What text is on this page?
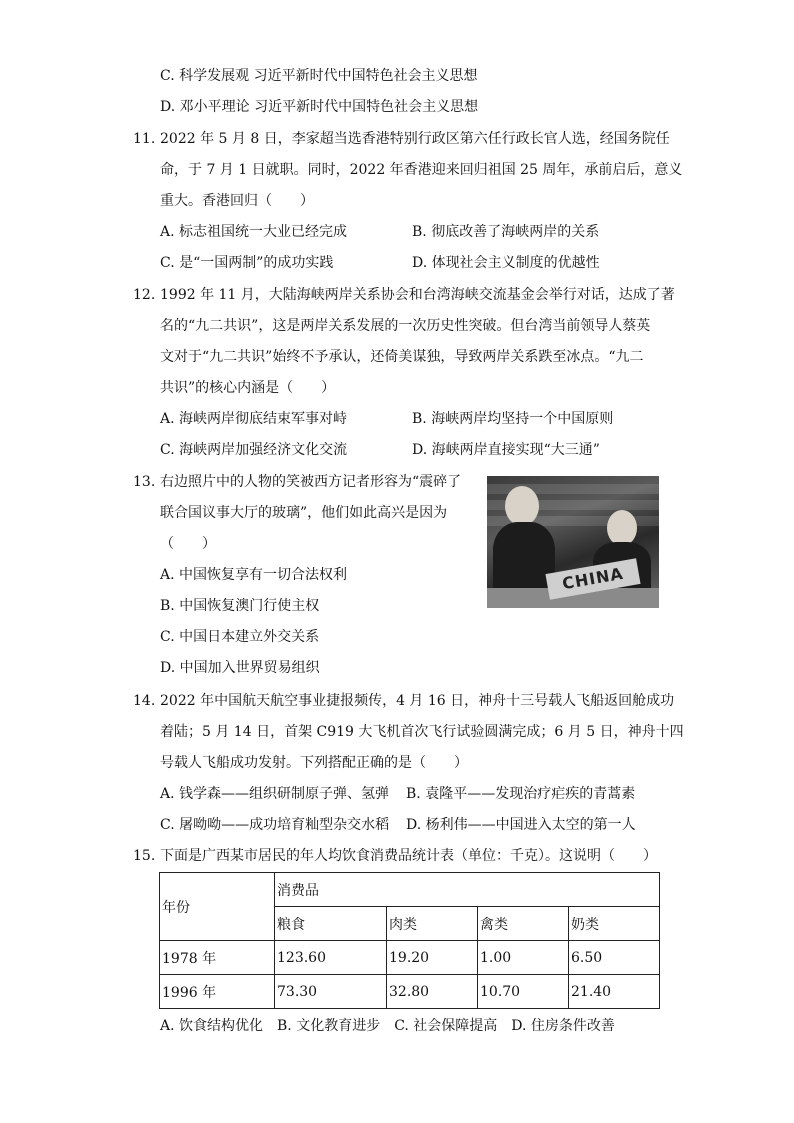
C. 科学发展观 习近平新时代中国特色社会主义思想
D. 邓小平理论 习近平新时代中国特色社会主义思想
11. 2022 年 5 月 8 日，李家超当选香港特别行政区第六任行政长官人选，经国务院任
命，于 7 月 1 日就职。同时，2022 年香港迎来回归祖国 25 周年，承前启后，意义
重大。香港回归（　　）
A. 标志祖国统一大业已经完成	B. 彻底改善了海峡两岸的关系
C. 是“一国两制”的成功实践	D. 体现社会主义制度的优越性
12. 1992 年 11 月，大陆海峡两岸关系协会和台湾海峡交流基金会举行对话，达成了著
名的“九二共识”，这是两岸关系发展的一次历史性突破。但台湾当前领导人蔡英
文对于“九二共识”始终不予承认，还倚美谋独，导致两岸关系跌至冰点。“九二
共识”的核心内涵是（　　）
A. 海峡两岸彻底结束军事对峙	B. 海峡两岸均坚持一个中国原则
C. 海峡两岸加强经济文化交流	D. 海峡两岸直接实现“大三通”
13. 右边照片中的人物的笑被西方记者形容为“震碎了
联合国议事大厅的玻璃”，他们如此高兴是因为
（　　）
A. 中国恢复享有一切合法权利
B. 中国恢复澳门行使主权
C. 中国日本建立外交关系
D. 中国加入世界贸易组织
CHINA
14. 2022 年中国航天航空事业捷报频传，4 月 16 日，神舟十三号载人飞船返回舱成功
着陆；5 月 14 日，首架 C919 大飞机首次飞行试验圆满完成；6 月 5 日，神舟十四
号载人飞船成功发射。下列搭配正确的是（　　）
A. 钱学森——组织研制原子弹、氢弹 B. 袁隆平——发现治疗疟疾的青蒿素
C. 屠呦呦——成功培育籼型杂交水稻 D. 杨利伟——中国进入太空的第一人
15. 下面是广西某市居民的年人均饮食消费品统计表（单位：千克）。这说明（　　）
年份	消费品			
	粮食	肉类	禽类	奶类
1978 年	123.60	19.20	1.00	6.50
1996 年	73.30	32.80	10.70	21.40
A. 饮食结构优化　B. 文化教育进步　C. 社会保障提高　D. 住房条件改善
